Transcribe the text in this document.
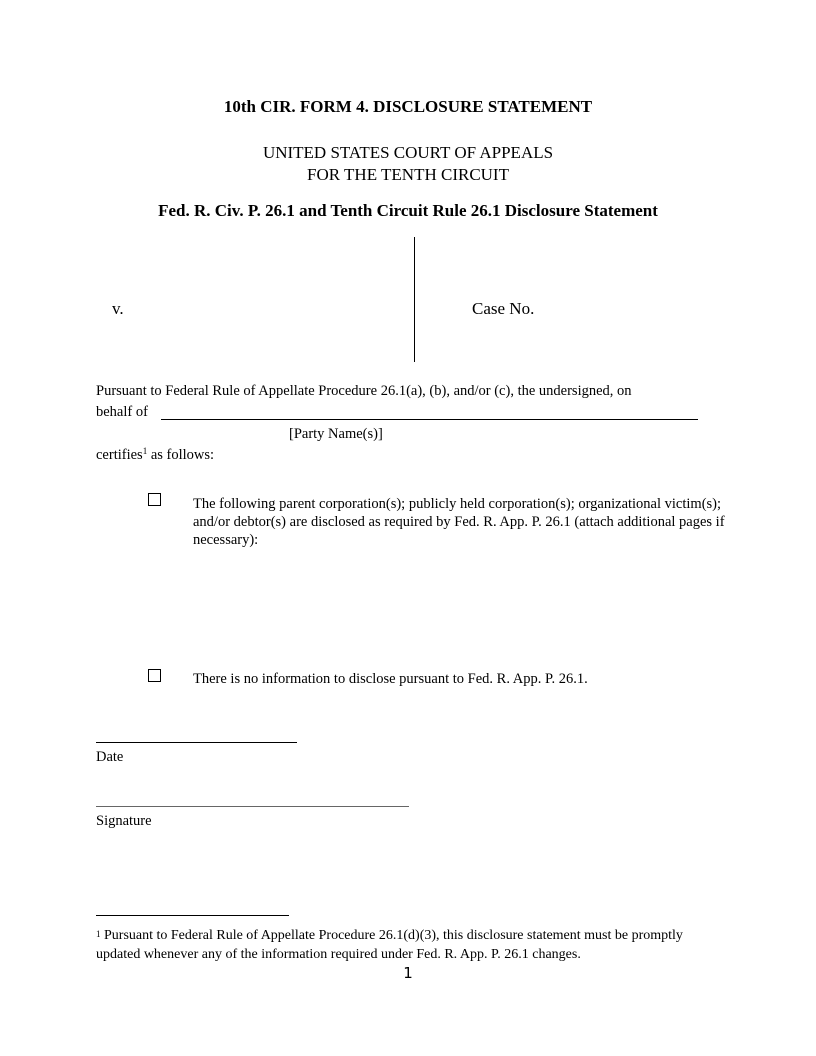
10th CIR. FORM 4. DISCLOSURE STATEMENT
UNITED STATES COURT OF APPEALS
FOR THE TENTH CIRCUIT
Fed. R. Civ. P. 26.1 and Tenth Circuit Rule 26.1 Disclosure Statement
v.	Case No.
Pursuant to Federal Rule of Appellate Procedure 26.1(a), (b), and/or (c), the undersigned, on
behalf of
[Party Name(s)]
certifies$^1$ as follows:
The following parent corporation(s); publicly held corporation(s); organizational victim(s); and/or debtor(s) are disclosed as required by Fed. R. App. P. 26.1 (attach additional pages if necessary):
There is no information to disclose pursuant to Fed. R. App. P. 26.1.
Date
Signature
$^1$ Pursuant to Federal Rule of Appellate Procedure 26.1(d)(3), this disclosure statement must be promptly updated whenever any of the information required under Fed. R. App. P. 26.1 changes.
1
